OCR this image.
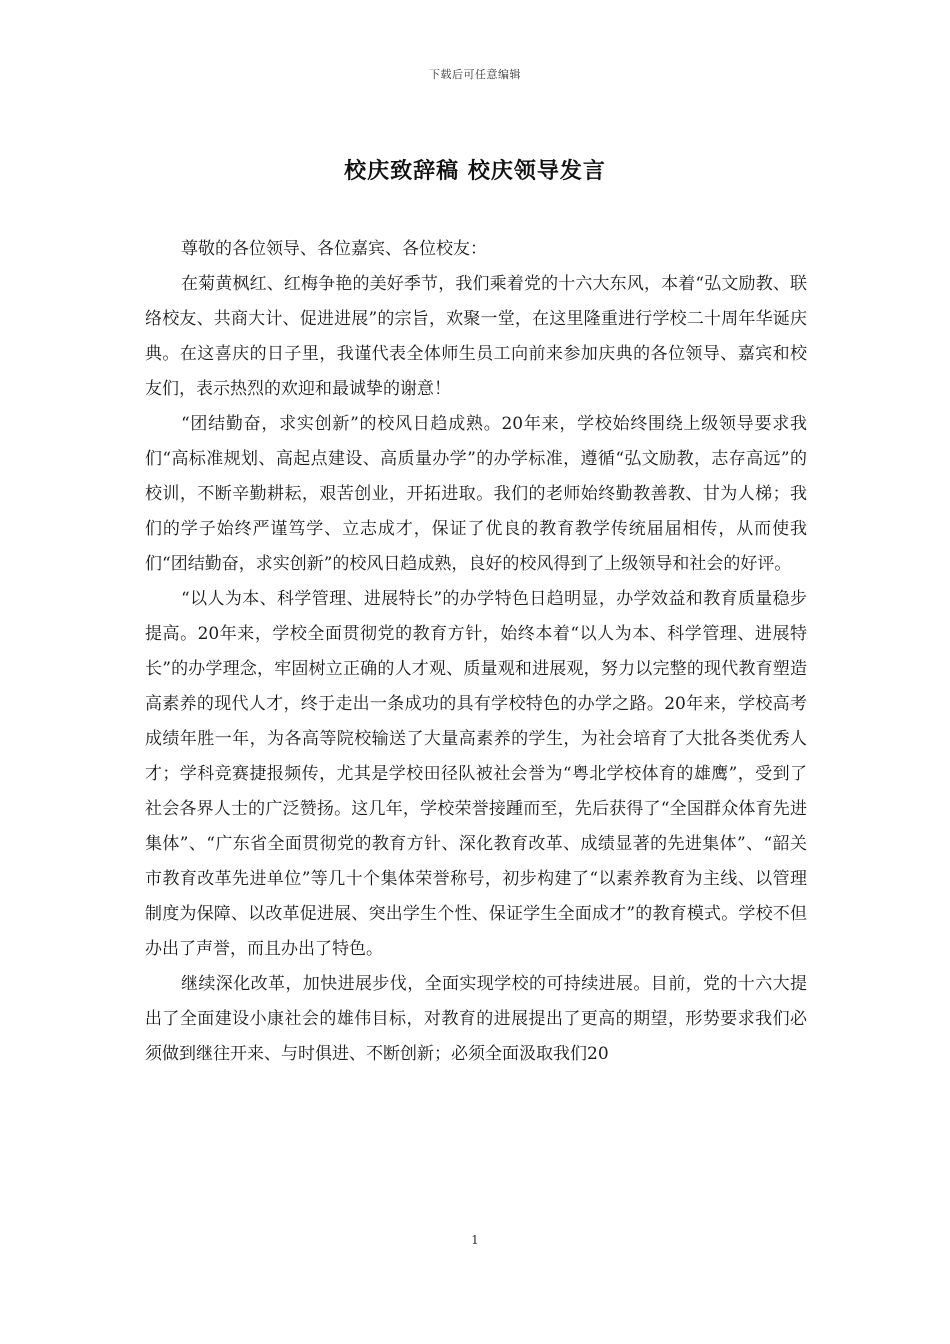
下载后可任意编辑
校庆致辞稿 校庆领导发言

尊敬的各位领导、各位嘉宾、各位校友：

在菊黄枫红、红梅争艳的美好季节，我们乘着党的十六大东风，本着“弘文励教、联络校友、共商大计、促进进展”的宗旨，欢聚一堂，在这里隆重进行学校二十周年华诞庆典。在这喜庆的日子里，我谨代表全体师生员工向前来参加庆典的各位领导、嘉宾和校友们，表示热烈的欢迎和最诚挚的谢意！

“团结勤奋，求实创新”的校风日趋成熟。20年来，学校始终围绕上级领导要求我们“高标准规划、高起点建设、高质量办学”的办学标准，遵循“弘文励教，志存高远”的校训，不断辛勤耕耘，艰苦创业，开拓进取。我们的老师始终勤教善教、甘为人梯；我们的学子始终严谨笃学、立志成才，保证了优良的教育教学传统届届相传，从而使我们“团结勤奋，求实创新”的校风日趋成熟，良好的校风得到了上级领导和社会的好评。

“以人为本、科学管理、进展特长”的办学特色日趋明显，办学效益和教育质量稳步提高。20年来，学校全面贯彻党的教育方针，始终本着“以人为本、科学管理、进展特长”的办学理念，牢固树立正确的人才观、质量观和进展观，努力以完整的现代教育塑造高素养的现代人才，终于走出一条成功的具有学校特色的办学之路。20年来，学校高考成绩年胜一年，为各高等院校输送了大量高素养的学生，为社会培育了大批各类优秀人才；学科竞赛捷报频传，尤其是学校田径队被社会誉为“粤北学校体育的雄鹰”，受到了社会各界人士的广泛赞扬。这几年，学校荣誉接踵而至，先后获得了“全国群众体育先进集体”、“广东省全面贯彻党的教育方针、深化教育改革、成绩显著的先进集体”、“韶关市教育改革先进单位”等几十个集体荣誉称号，初步构建了“以素养教育为主线、以管理制度为保障、以改革促进展、突出学生个性、保证学生全面成才”的教育模式。学校不但办出了声誉，而且办出了特色。

继续深化改革，加快进展步伐，全面实现学校的可持续进展。目前，党的十六大提出了全面建设小康社会的雄伟目标，对教育的进展提出了更高的期望，形势要求我们必须做到继往开来、与时俱进、不断创新；必须全面汲取我们20

1
